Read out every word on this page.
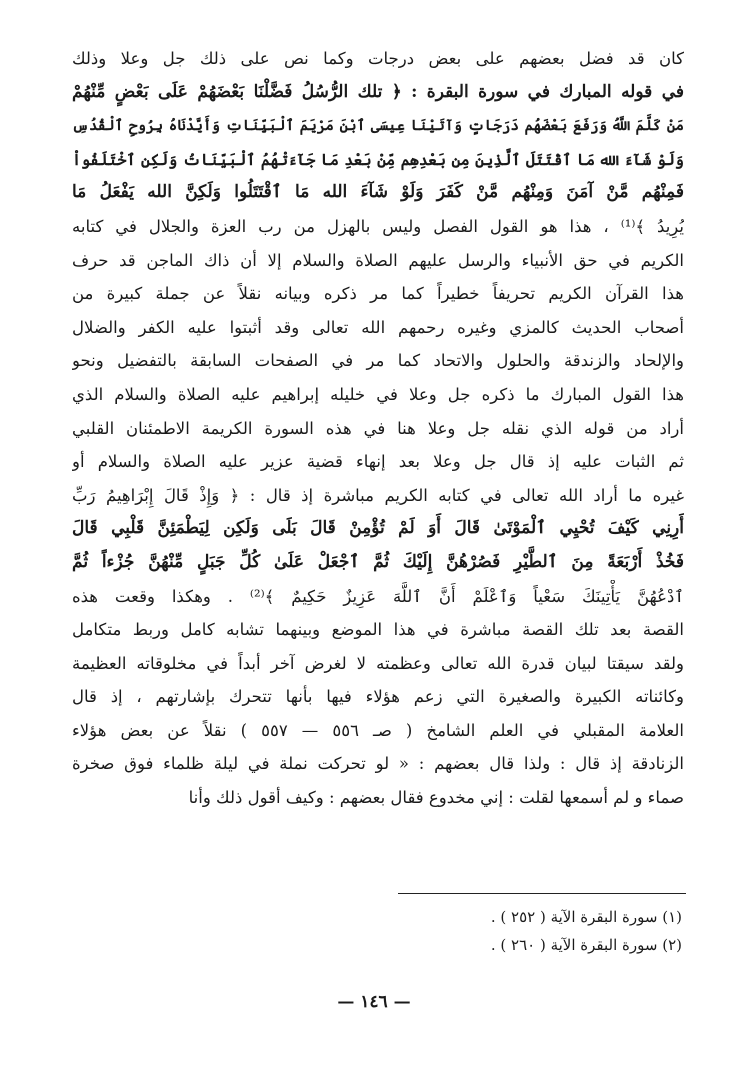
كان قد فضل بعضهم على بعض درجات وكما نص على ذلك جل وعلا وذلك
في قوله المبارك في سورة البقرة : ﴿ تلك الرُّسُلُ فَضَّلْنَا بَعْضَهُمْ عَلَى بَعْضٍ مِّنْهُمْ
مَنْ كَلَّمَ اللَّهُ وَرَفَعَ بَعْضَهُم دَرَجَاتٍ وَآتَيْنَا عِيسَى ٱبْنَ مَرْيَمَ ٱلْبَيِّنَاتِ وَأَيَّدْنَاهُ بِرُوحِ ٱلْقُدُسِ
وَلَوْ شَآءَ الله مَا ٱقْتَتَلَ ٱلَّذِينَ مِن بَعْدِهِم مِّنْ بَعْدِ مَا جَآءَتْهُمُ ٱلْبَيِّنَاتُ وَلَكِنِ ٱخْتَلَفُواْ
فَمِنْهُم مَّنْ آمَنَ وَمِنْهُم مَّنْ كَفَرَ وَلَوْ شَآءَ الله مَا ٱقْتَتَلُوا وَلَكِنَّ الله يَفْعَلُ مَا
يُرِيدُ ﴾⁽¹⁾ ، هذا هو القول الفصل وليس بالهزل من رب العزة والجلال في كتابه
الكريم في حق الأنبياء والرسل عليهم الصلاة والسلام إلا أن ذاك الماجن قد حرف
هذا القرآن الكريم تحريفاً خطيراً كما مر ذكره وبيانه نقلاً عن جملة كبيرة من
أصحاب الحديث كالمزي وغيره رحمهم الله تعالى وقد أثبتوا عليه الكفر والضلال
والإلحاد والزندقة والحلول والاتحاد كما مر في الصفحات السابقة بالتفضيل ونحو
هذا القول المبارك ما ذكره جل وعلا في خليله إبراهيم عليه الصلاة والسلام الذي
أراد من قوله الذي نقله جل وعلا هنا في هذه السورة الكريمة الاطمئنان القلبي
ثم الثبات عليه إذ قال جل وعلا بعد إنهاء قضية عزير عليه الصلاة والسلام أو
غيره ما أراد الله تعالى في كتابه الكريم مباشرة إذ قال : ﴿ وَإِذْ قَالَ إِبْرَاهِيمُ رَبِّ
أَرِنِي كَيْفَ تُحْيِي ٱلْمَوْتَىٰ قَالَ أَوَ لَمْ تُؤْمِنْ قَالَ بَلَى وَلَكِن لِيَطْمَئِنَّ قَلْبِي قَالَ
فَخُذْ أَرْبَعَةً مِنَ ٱلطَّيْرِ فَصُرْهُنَّ إِلَيْكَ ثُمَّ ٱجْعَلْ عَلَىٰ كُلِّ جَبَلٍ مِّنْهُنَّ جُزْءاً ثُمَّ
ٱدْعُهُنَّ يَأْتِينَكَ سَعْياً وَٱعْلَمْ أَنَّ ٱللَّهَ عَزِيزٌ حَكِيمٌ ﴾⁽²⁾ . وهكذا وقعت هذه
القصة بعد تلك القصة مباشرة في هذا الموضع وبينهما تشابه كامل وربط متكامل
ولقد سيقتا لبيان قدرة الله تعالى وعظمته لا لغرض آخر أبداً في مخلوقاته العظيمة
وكائناته الكبيرة والصغيرة التي زعم هؤلاء فيها بأنها تتحرك بإشارتهم ، إذ قال
العلامة المقبلي في العلم الشامخ ( صـ ٥٥٦ — ٥٥٧ ) نقلاً عن بعض هؤلاء
الزنادقة إذ قال : ولذا قال بعضهم : « لو تحركت نملة في ليلة ظلماء فوق صخرة
صماء و لم أسمعها لقلت : إني مخدوع فقال بعضهم : وكيف أقول ذلك وأنا
(١) سورة البقرة الآية ( ٢٥٢ ) .
(٢) سورة البقرة الآية ( ٢٦٠ ) .
— ١٤٦ —
